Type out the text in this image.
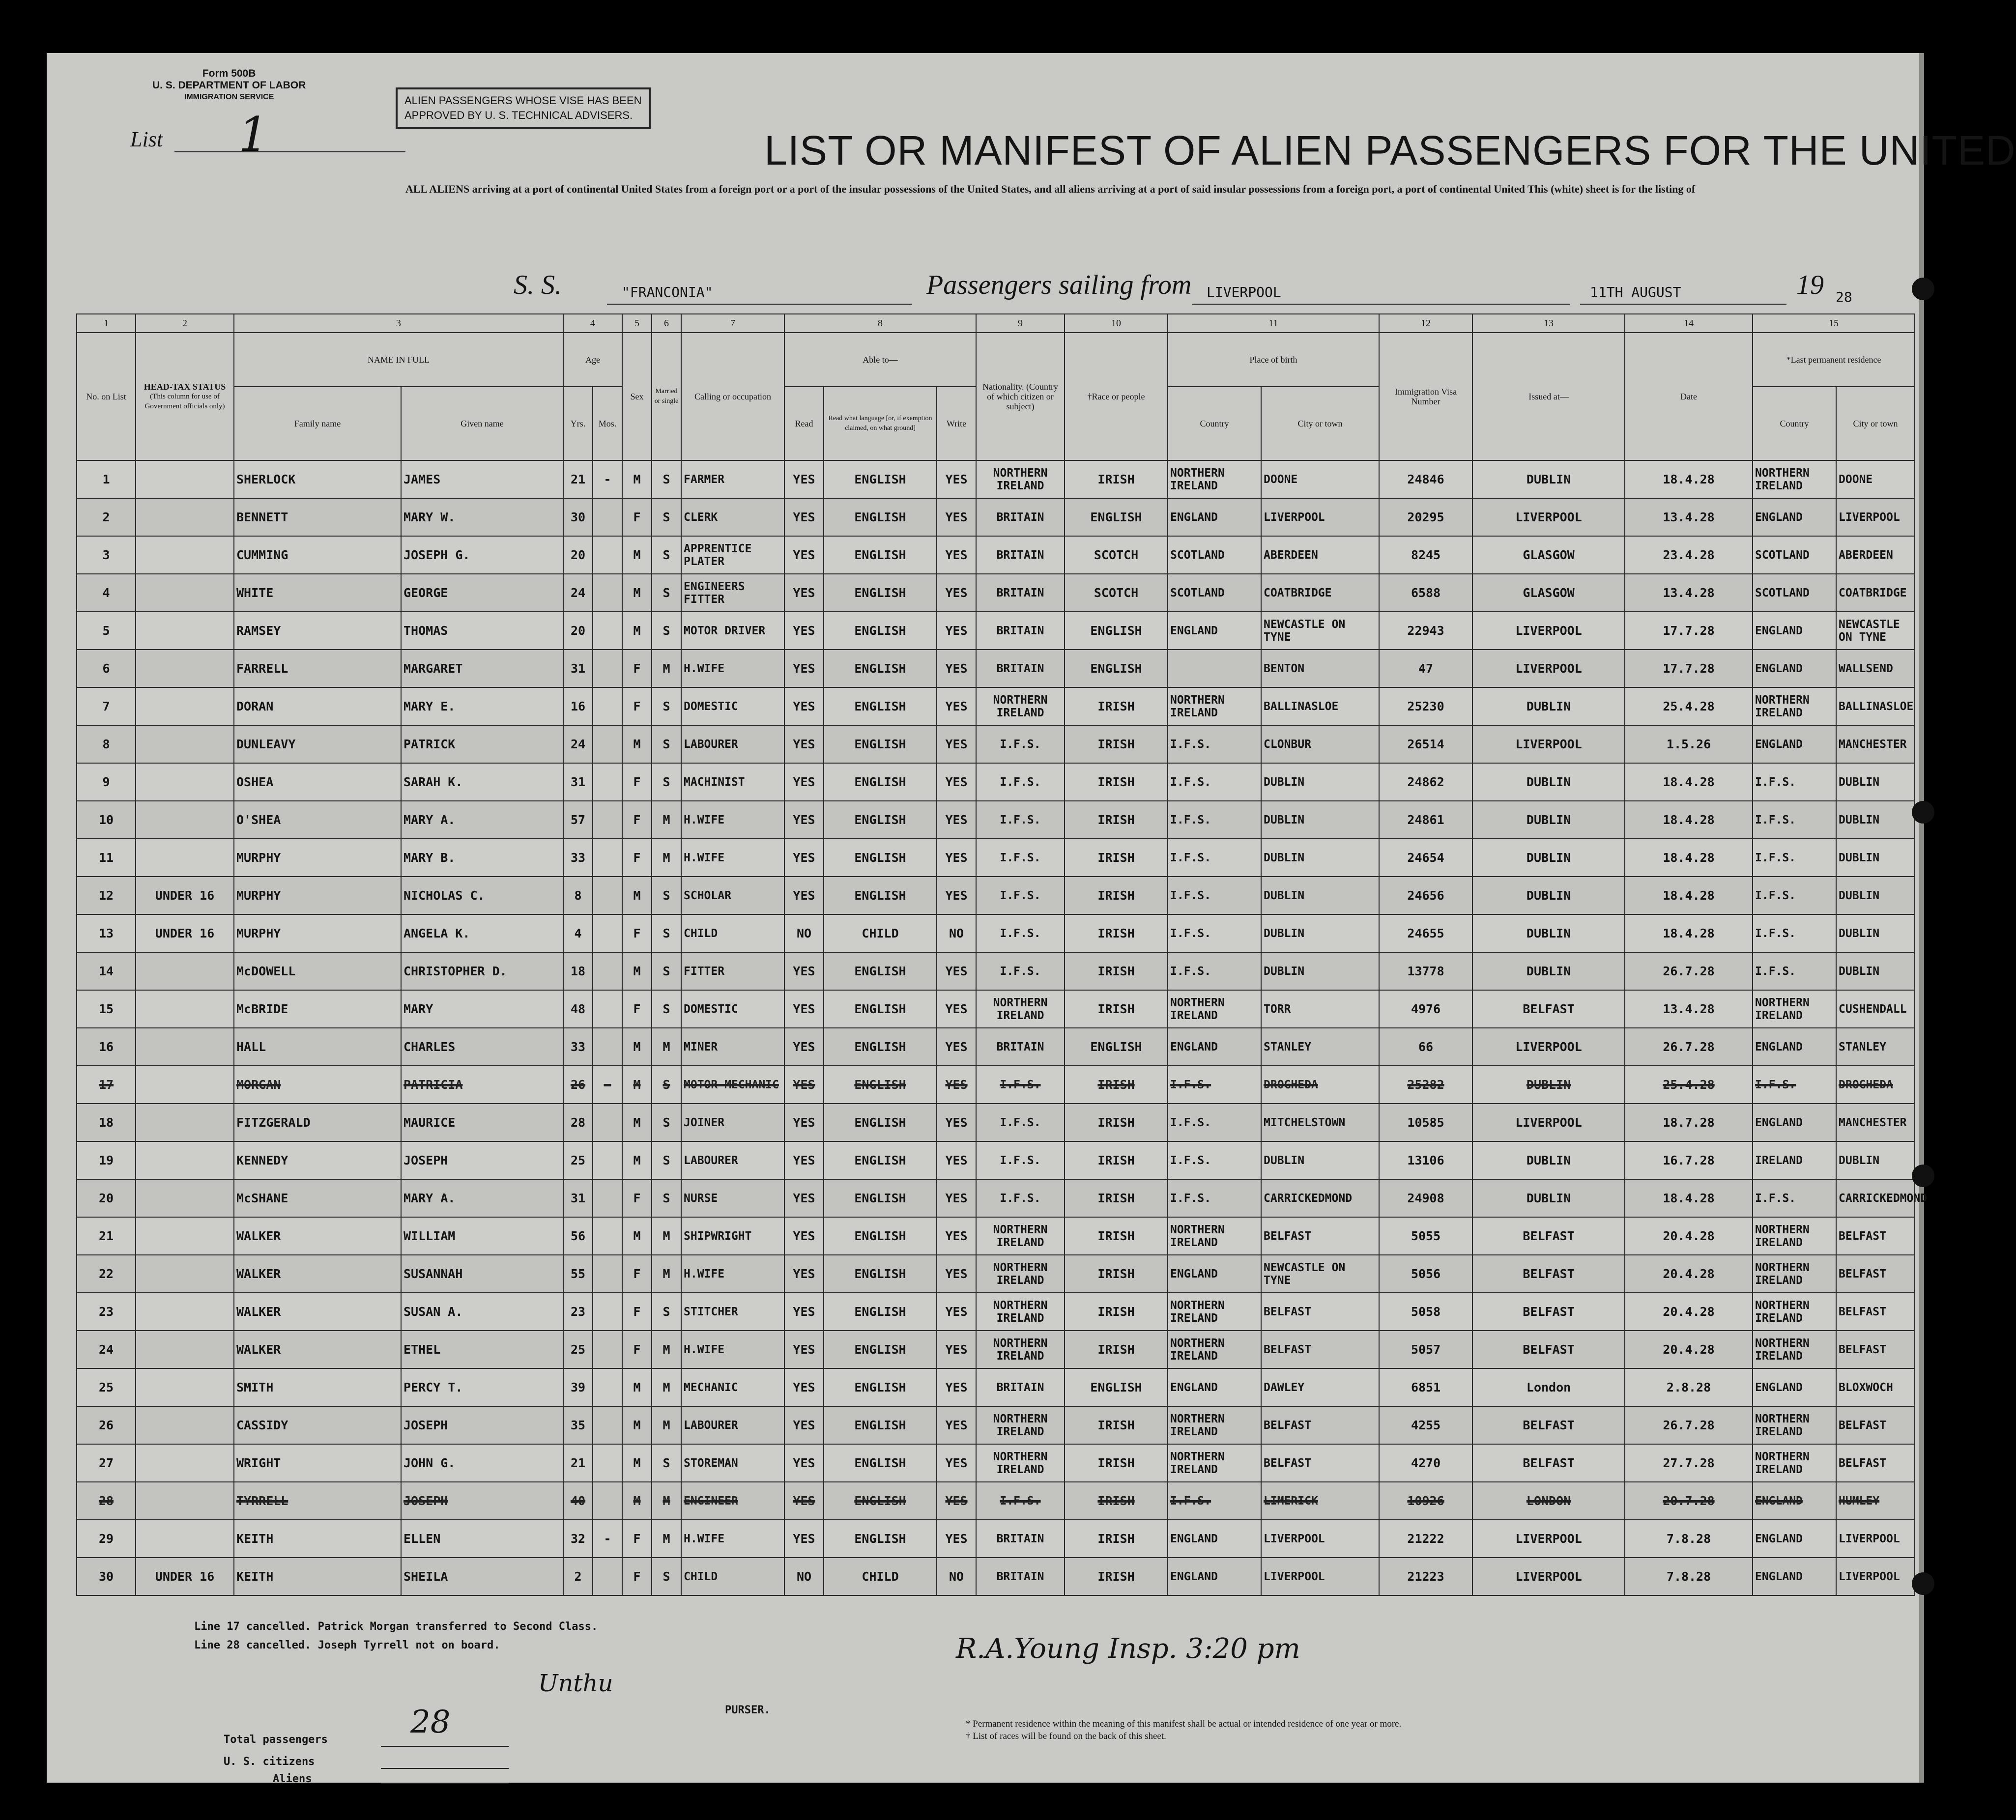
Form 500B
U. S. DEPARTMENT OF LABOR
IMMIGRATION SERVICE	ALIEN PASSENGERS WHOSE VISE HAS BEEN
APPROVED BY U. S. TECHNICAL ADVISERS.
List 1	LIST OR MANIFEST OF ALIEN PASSENGERS FOR THE UNITED
ALL ALIENS arriving at a port of continental United States from a foreign port or a port of the insular possessions of the United States, and all aliens arriving at a port of said insular possessions from a foreign port, a port of continental United This (white) sheet is for the listing of
S. S.	"FRANCONIA"	Passengers sailing from LIVERPOOL	11TH AUGUST	19 28
1	2	3		4		5	6	7	8			9	10	11		12	13	14	15	
No. on List	HEAD-TAX STATUS
(This column for use of Government officials only)	NAME IN FULL		Age		Sex	Married or single	Calling or occupation	Able to—			Nationality. (Country of which citizen or subject)	†Race or people	Place of birth		Immigration Visa Number	Issued at—	Date	*Last permanent residence	
		Family name	Given name	Yrs.	Mos.				Read	Read what language [or, if exemption claimed, on what ground]	Write			Country	City or town				Country	City or town
1		SHERLOCK	JAMES	21	-	M	S	FARMER	YES	ENGLISH	YES	NORTHERN IRELAND	IRISH	NORTHERN IRELAND	DOONE	24846	DUBLIN	18.4.28	NORTHERN IRELAND	DOONE
2		BENNETT	MARY W.	30		F	S	CLERK	YES	ENGLISH	YES	BRITAIN	ENGLISH	ENGLAND	LIVERPOOL	20295	LIVERPOOL	13.4.28	ENGLAND	LIVERPOOL
3		CUMMING	JOSEPH G.	20		M	S	APPRENTICE PLATER	YES	ENGLISH	YES	BRITAIN	SCOTCH	SCOTLAND	ABERDEEN	8245	GLASGOW	23.4.28	SCOTLAND	ABERDEEN
4		WHITE	GEORGE	24		M	S	ENGINEERS FITTER	YES	ENGLISH	YES	BRITAIN	SCOTCH	SCOTLAND	COATBRIDGE	6588	GLASGOW	13.4.28	SCOTLAND	COATBRIDGE
5		RAMSEY	THOMAS	20		M	S	MOTOR DRIVER	YES	ENGLISH	YES	BRITAIN	ENGLISH	ENGLAND	NEWCASTLE ON TYNE	22943	LIVERPOOL	17.7.28	ENGLAND	NEWCASTLE ON TYNE
6		FARRELL	MARGARET	31		F	M	H.WIFE	YES	ENGLISH	YES	BRITAIN	ENGLISH		BENTON	47	LIVERPOOL	17.7.28	ENGLAND	WALLSEND
7		DORAN	MARY E.	16		F	S	DOMESTIC	YES	ENGLISH	YES	NORTHERN IRELAND	IRISH	NORTHERN IRELAND	BALLINASLOE	25230	DUBLIN	25.4.28	NORTHERN IRELAND	BALLINASLOE
8		DUNLEAVY	PATRICK	24		M	S	LABOURER	YES	ENGLISH	YES	I.F.S.	IRISH	I.F.S.	CLONBUR	26514	LIVERPOOL	1.5.26	ENGLAND	MANCHESTER
9		OSHEA	SARAH K.	31		F	S	MACHINIST	YES	ENGLISH	YES	I.F.S.	IRISH	I.F.S.	DUBLIN	24862	DUBLIN	18.4.28	I.F.S.	DUBLIN
10		O'SHEA	MARY A.	57		F	M	H.WIFE	YES	ENGLISH	YES	I.F.S.	IRISH	I.F.S.	DUBLIN	24861	DUBLIN	18.4.28	I.F.S.	DUBLIN
11		MURPHY	MARY B.	33		F	M	H.WIFE	YES	ENGLISH	YES	I.F.S.	IRISH	I.F.S.	DUBLIN	24654	DUBLIN	18.4.28	I.F.S.	DUBLIN
12	UNDER 16	MURPHY	NICHOLAS C.	8		M	S	SCHOLAR	YES	ENGLISH	YES	I.F.S.	IRISH	I.F.S.	DUBLIN	24656	DUBLIN	18.4.28	I.F.S.	DUBLIN
13	UNDER 16	MURPHY	ANGELA K.	4		F	S	CHILD	NO	CHILD	NO	I.F.S.	IRISH	I.F.S.	DUBLIN	24655	DUBLIN	18.4.28	I.F.S.	DUBLIN
14		McDOWELL	CHRISTOPHER D.	18		M	S	FITTER	YES	ENGLISH	YES	I.F.S.	IRISH	I.F.S.	DUBLIN	13778	DUBLIN	26.7.28	I.F.S.	DUBLIN
15		McBRIDE	MARY	48		F	S	DOMESTIC	YES	ENGLISH	YES	NORTHERN IRELAND	IRISH	NORTHERN IRELAND	TORR	4976	BELFAST	13.4.28	NORTHERN IRELAND	CUSHENDALL
16		HALL	CHARLES	33		M	M	MINER	YES	ENGLISH	YES	BRITAIN	ENGLISH	ENGLAND	STANLEY	66	LIVERPOOL	26.7.28	ENGLAND	STANLEY
17		MORGAN	PATRICIA	26	-	M	S	MOTOR MECHANIC	YES	ENGLISH	YES	I.F.S.	IRISH	I.F.S.	DROGHEDA	25282	DUBLIN	25.4.28	I.F.S.	DROGHEDA
18		FITZGERALD	MAURICE	28		M	S	JOINER	YES	ENGLISH	YES	I.F.S.	IRISH	I.F.S.	MITCHELSTOWN	10585	LIVERPOOL	18.7.28	ENGLAND	MANCHESTER
19		KENNEDY	JOSEPH	25		M	S	LABOURER	YES	ENGLISH	YES	I.F.S.	IRISH	I.F.S.	DUBLIN	13106	DUBLIN	16.7.28	IRELAND	DUBLIN
20		McSHANE	MARY A.	31		F	S	NURSE	YES	ENGLISH	YES	I.F.S.	IRISH	I.F.S.	CARRICKEDMOND	24908	DUBLIN	18.4.28	I.F.S.	CARRICKEDMOND
21		WALKER	WILLIAM	56		M	M	SHIPWRIGHT	YES	ENGLISH	YES	NORTHERN IRELAND	IRISH	NORTHERN IRELAND	BELFAST	5055	BELFAST	20.4.28	NORTHERN IRELAND	BELFAST
22		WALKER	SUSANNAH	55		F	M	H.WIFE	YES	ENGLISH	YES	NORTHERN IRELAND	IRISH	ENGLAND	NEWCASTLE ON TYNE	5056	BELFAST	20.4.28	NORTHERN IRELAND	BELFAST
23		WALKER	SUSAN A.	23		F	S	STITCHER	YES	ENGLISH	YES	NORTHERN IRELAND	IRISH	NORTHERN IRELAND	BELFAST	5058	BELFAST	20.4.28	NORTHERN IRELAND	BELFAST
24		WALKER	ETHEL	25		F	M	H.WIFE	YES	ENGLISH	YES	NORTHERN IRELAND	IRISH	NORTHERN IRELAND	BELFAST	5057	BELFAST	20.4.28	NORTHERN IRELAND	BELFAST
25		SMITH	PERCY T.	39		M	M	MECHANIC	YES	ENGLISH	YES	BRITAIN	ENGLISH	ENGLAND	DAWLEY	6851	London	2.8.28	ENGLAND	BLOXWOCH
26		CASSIDY	JOSEPH	35		M	M	LABOURER	YES	ENGLISH	YES	NORTHERN IRELAND	IRISH	NORTHERN IRELAND	BELFAST	4255	BELFAST	26.7.28	NORTHERN IRELAND	BELFAST
27		WRIGHT	JOHN G.	21		M	S	STOREMAN	YES	ENGLISH	YES	NORTHERN IRELAND	IRISH	NORTHERN IRELAND	BELFAST	4270	BELFAST	27.7.28	NORTHERN IRELAND	BELFAST
28		TYRRELL	JOSEPH	40		M	M	ENGINEER	YES	ENGLISH	YES	I.F.S.	IRISH	I.F.S.	LIMERICK	10926	LONDON	20.7.28	ENGLAND	HUMLEY
29		KEITH	ELLEN	32	-	F	M	H.WIFE	YES	ENGLISH	YES	BRITAIN	IRISH	ENGLAND	LIVERPOOL	21222	LIVERPOOL	7.8.28	ENGLAND	LIVERPOOL
30	UNDER 16	KEITH	SHEILA	2		F	S	CHILD	NO	CHILD	NO	BRITAIN	IRISH	ENGLAND	LIVERPOOL	21223	LIVERPOOL	7.8.28	ENGLAND	LIVERPOOL
Line 17 cancelled. Patrick Morgan transferred to Second Class.
Line 28 cancelled. Joseph Tyrrell not on board.	R.A.Young Insp. 3:20 pm
Unthu
PURSER.
Total passengers	28
U. S. citizens
Aliens
* Permanent residence within the meaning of this manifest shall be actual or intended residence of one year or more.
† List of races will be found on the back of this sheet.
